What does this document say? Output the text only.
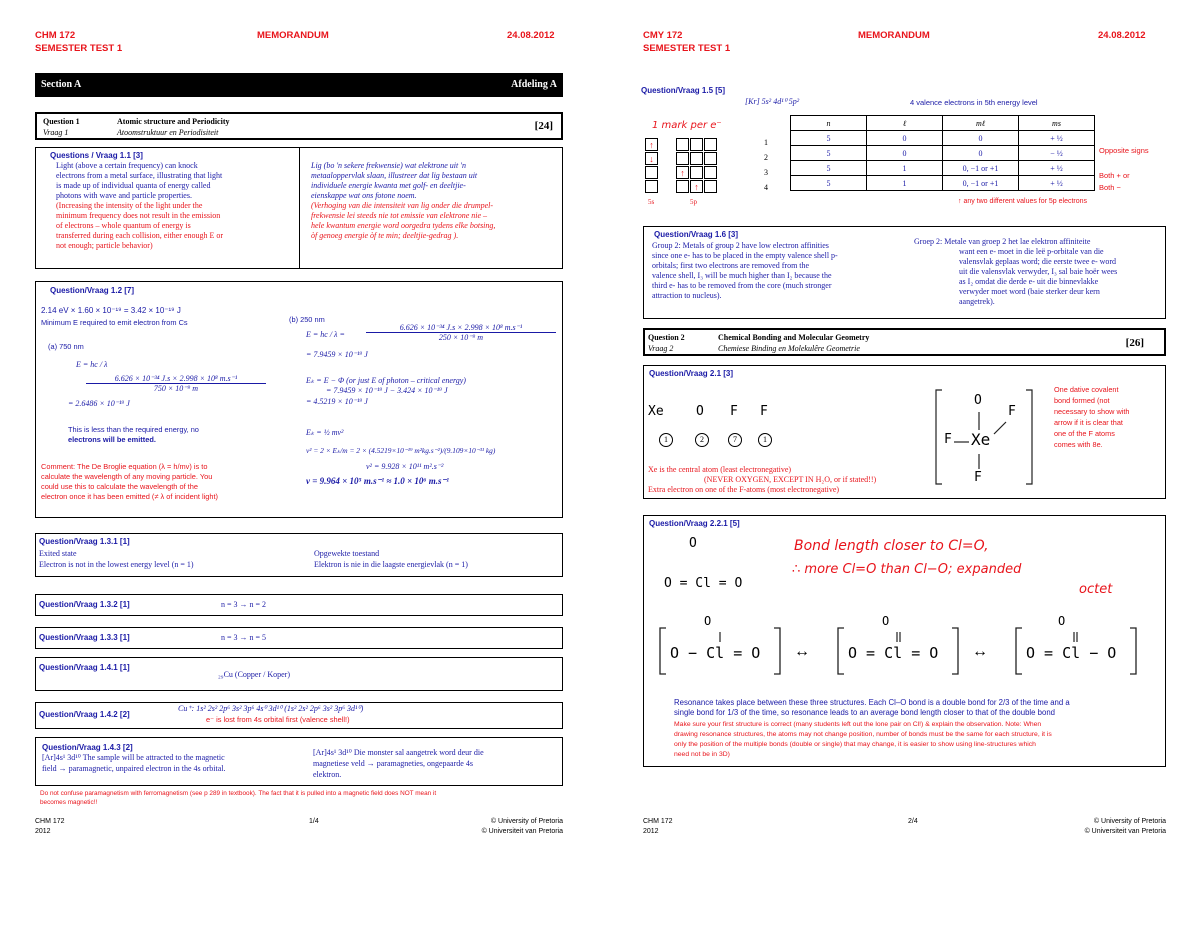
CHM 172
SEMESTER TEST 1
MEMORANDUM	24.08.2012
Section A	Afdeling A
Question 1	Atomic structure and Periodicity
Vraag 1	Atoomstruktuur en Periodisiteit
[24]
Questions / Vraag 1.1 [3]
Light (above a certain frequency) can knock
electrons from a metal surface, illustrating that light
is made up of individual quanta of energy called
photons with wave and particle properties.
(Increasing the intensity of the light under the
minimum frequency does not result in the emission
of electrons – whole quantum of energy is
transferred during each collision, either enough E or
not enough; particle behavior)
Lig (bo 'n sekere frekwensie) wat elektrone uit 'n
metaaloppervlak slaan, illustreer dat lig bestaan uit
individuele energie kwanta met golf- en deeltjie-
eienskappe wat ons fotone noem.
(Verhoging van die intensiteit van lig onder die drumpel-
frekwensie lei steeds nie tot emissie van elektrone nie –
hele kwantum energie word oorgedra tydens elke botsing,
òf genoeg energie òf te min; deeltjie-gedrag ).
Question/Vraag 1.2 [7]
2.14 eV × 1.60 × 10⁻¹⁹ = 3.42 × 10⁻¹⁹ J
Minimum E required to emit electron from Cs
(a) 750 nm
E = hc / λ
$\frac{\text{6.626 × 10⁻³⁴ J.s × 2.998 × 10⁸ m.s⁻¹}}{\text{750 × 10⁻⁹ m}}$
= 2.6486 × 10⁻¹⁹ J
This is less than the required energy, no
electrons will be emitted.
Comment: The De Broglie equation (λ = h/mv) is to
calculate the wavelength of any moving particle. You
could use this to calculate the wavelength of the
electron once it has been emitted (≠ λ of incident light)
(b) 250 nm
E = hc / λ =	$\frac{\text{6.626 × 10⁻³⁴ J.s × 2.998 × 10⁸ m.s⁻¹}}{\text{250 × 10⁻⁹ m}}$
= 7.9459 × 10⁻¹⁹ J
Eₖ = E − Φ (or just E of photon – critical energy)
= 7.9459 × 10⁻¹⁹ J − 3.424 × 10⁻¹⁹ J
= 4.5219 × 10⁻¹⁹ J
Eₖ = ½ mv²
v² = 2 × Eₖ/m = 2 × (4.5219×10⁻¹⁹ m²kg.s⁻²)/(9.109×10⁻³¹ kg)
v² = 9.928 × 10¹¹ m².s⁻²
v = 9.964 × 10⁵ m.s⁻¹ ≈ 1.0 × 10⁶ m.s⁻¹
Question/Vraag 1.3.1 [1]
Exited state
Electron is not in the lowest energy level (n = 1)
Opgewekte toestand
Elektron is nie in die laagste energievlak (n = 1)
Question/Vraag 1.3.2 [1]	n = 3 → n = 2
Question/Vraag 1.3.3 [1]	n = 3 → n = 5
Question/Vraag 1.4.1 [1]
₂₉Cu (Copper / Koper)
Question/Vraag 1.4.2 [2]
Cu⁺: 1s² 2s² 2p⁶ 3s² 3p⁶ 4s⁰ 3d¹⁰ (1s² 2s² 2p⁶ 3s² 3p⁶ 3d¹⁰)
e⁻ is lost from 4s orbital first (valence shell!)
Question/Vraag 1.4.3 [2]
[Ar]4s¹ 3d¹⁰ The sample will be attracted to the magnetic
field → paramagnetic, unpaired electron in the 4s orbital.
[Ar]4s¹ 3d¹⁰ Die monster sal aangetrek word deur die
magnetiese veld → paramagneties, ongepaarde 4s
elektron.
Do not confuse paramagnetism with ferromagnetism (see p 289 in textbook). The fact that it is pulled into a magnetic field does NOT mean it
becomes magnetic!!
CHM 172
2012
1/4	© University of Pretoria
© Universiteit van Pretoria
CMY 172
SEMESTER TEST 1
MEMORANDUM	24.08.2012
Question/Vraag 1.5 [5]
[Kr] 5s² 4d¹⁰ 5p²	4 valence electrons in 5th energy level
1 mark per e⁻
↑
↓
↑
↑
5s	5p
n	ℓ	mℓ	ms
5	0	0	+ ½
5	0	0	− ½
5	1	0, −1 or +1	+ ½
5	1	0, −1 or +1	+ ½
1
2
3
4
Opposite signs
Both + or
Both −
↑ any two different values for 5p electrons
Question/Vraag 1.6 [3]
Group 2: Metals of group 2 have low electron affinities
since one e- has to be placed in the empty valence shell p-
orbitals; first two electrons are removed from the
valence shell, I₃ will be much higher than I₂ because the
third e- has to be removed from the core (much stronger
attraction to nucleus).
Groep 2: Metale van groep 2 het lae elektron affiniteite
want een e- moet in die leë p-orbitale van die
valensvlak geplaas word; die eerste twee e- word
uit die valensvlak verwyder, I₃ sal baie hoër wees
as I₂ omdat die derde e- uit die binnevlakke
verwyder moet word (baie sterker deur kern
aangetrek).
Question 2	Chemical Bonding and Molecular Geometry
Vraag 2	Chemiese Binding en Molekulêre Geometrie	[26]
Question/Vraag 2.1 [3]
Xe O F F
1	2	7	1
Xe is the central atom (least electronegative)
(NEVER OXYGEN, EXCEPT IN H₂O, or if stated!!)
Extra electron on one of the F-atoms (most electronegative)
O
F
F Xe
F
One dative covalent
bond formed (not
necessary to show with
arrow if it is clear that
one of the F atoms
comes with 8e.
Question/Vraag 2.2.1 [5]
O
O = Cl = O
Bond length closer to Cl=O,
∴ more Cl=O than Cl−O; expanded
octet
O	O	O
O − Cl = O	O = Cl = O	O = Cl − O
↔	↔
Resonance takes place between these three structures. Each Cl–O bond is a double bond for 2/3 of the time and a
single bond for 1/3 of the time, so resonance leads to an average bond length closer to that of the double bond
Make sure your first structure is correct (many students left out the lone pair on Cl!) & explain the observation. Note: When
drawing resonance structures, the atoms may not change position, number of bonds must be the same for each structure, it is
only the position of the multiple bonds (double or single) that may change, it is easier to show using line-structures which
need not be in 3D)
CHM 172
2012
2/4	© University of Pretoria
© Universiteit van Pretoria
